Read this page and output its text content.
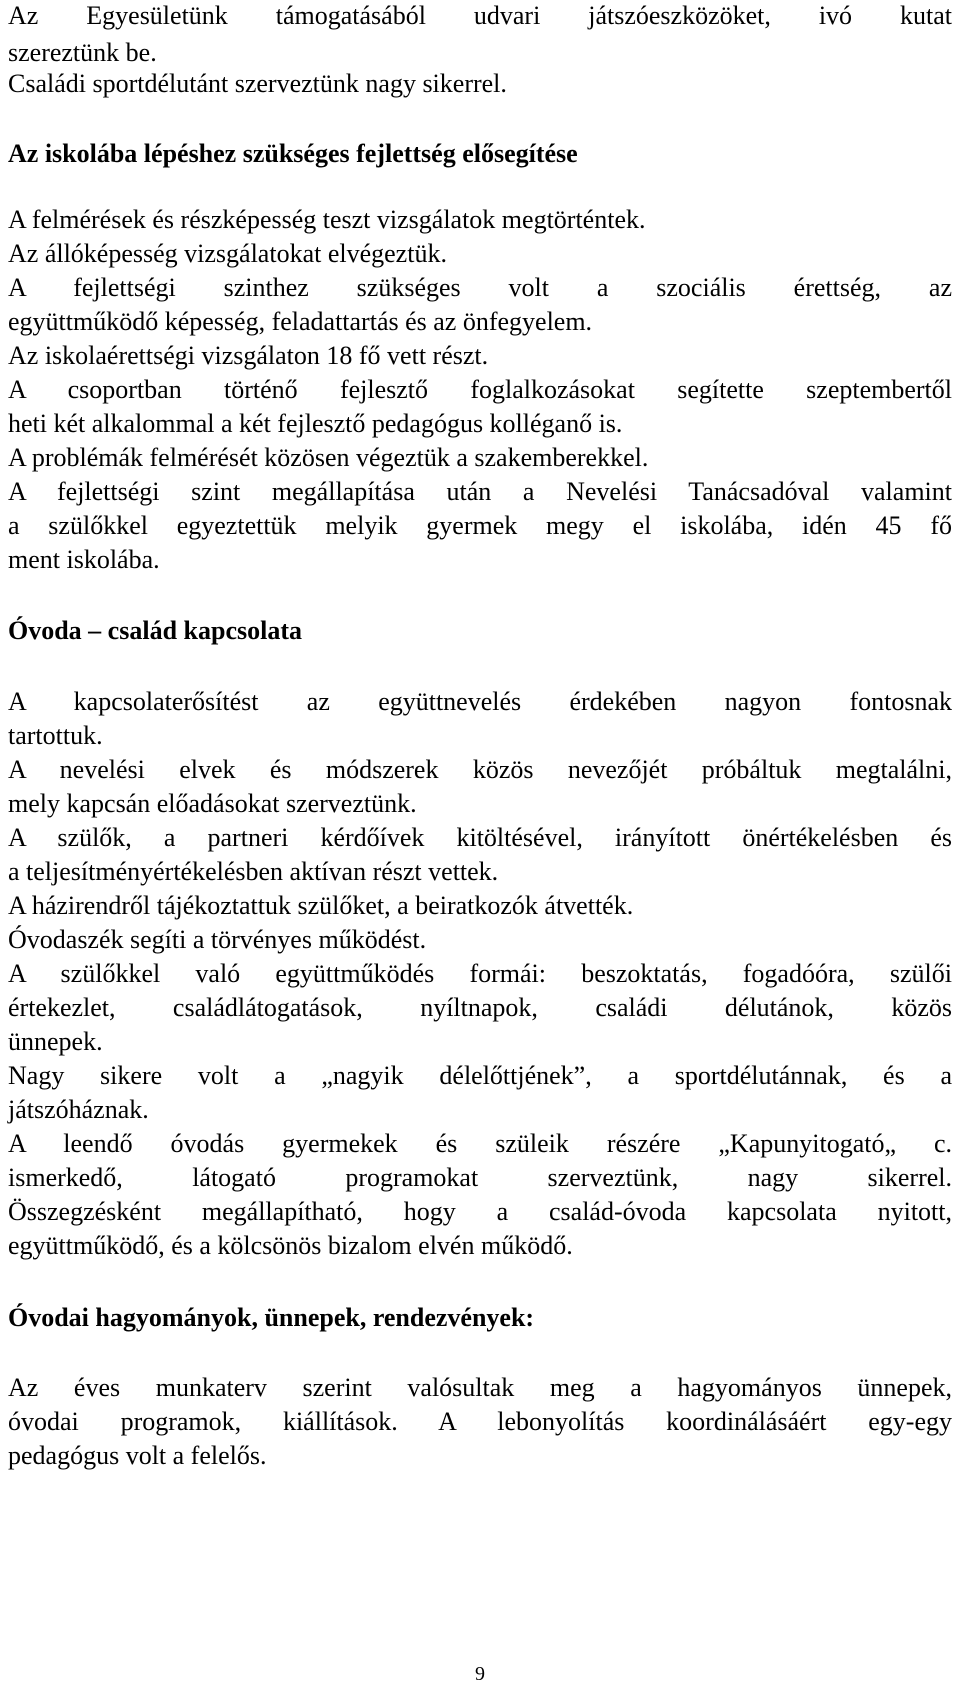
Az Egyesületünk támogatásából udvari játszóeszközöket, ivó kutat
szereztünk be.
Családi sportdélutánt szerveztünk nagy sikerrel.
Az iskolába lépéshez szükséges fejlettség elősegítése
A felmérések és részképesség teszt vizsgálatok megtörténtek.
Az állóképesség vizsgálatokat elvégeztük.
A fejlettségi szinthez szükséges volt a szociális érettség, az
együttműködő képesség, feladattartás és az önfegyelem.
Az iskolaérettségi vizsgálaton 18 fő vett részt.
A csoportban történő fejlesztő foglalkozásokat segítette szeptembertől
heti két alkalommal a két fejlesztő pedagógus kolléganő is.
A problémák felmérését közösen végeztük a szakemberekkel.
A fejlettségi szint megállapítása után a Nevelési Tanácsadóval valamint
a szülőkkel egyeztettük melyik gyermek megy el iskolába, idén 45 fő
ment iskolába.
Óvoda – család kapcsolata
A kapcsolaterősítést az együttnevelés érdekében nagyon fontosnak
tartottuk.
A nevelési elvek és módszerek közös nevezőjét próbáltuk megtalálni,
mely kapcsán előadásokat szerveztünk.
A szülők, a partneri kérdőívek kitöltésével, irányított önértékelésben és
a teljesítményértékelésben aktívan részt vettek.
A házirendről tájékoztattuk szülőket, a beiratkozók átvették.
Óvodaszék segíti a törvényes működést.
A szülőkkel való együttműködés formái: beszoktatás, fogadóóra, szülői
értekezlet, családlátogatások, nyíltnapok, családi délutánok, közös
ünnepek.
Nagy sikere volt a „nagyik délelőttjének”, a sportdélutánnak, és a
játszóháznak.
A leendő óvodás gyermekek és szüleik részére „Kapunyitogató„ c.
ismerkedő, látogató programokat szerveztünk, nagy sikerrel.
Összegzésként megállapítható, hogy a család-óvoda kapcsolata nyitott,
együttműködő, és a kölcsönös bizalom elvén működő.
Óvodai hagyományok, ünnepek, rendezvények:
Az éves munkaterv szerint valósultak meg a hagyományos ünnepek,
óvodai programok, kiállítások. A lebonyolítás koordinálásáért egy-egy
pedagógus volt a felelős.
9
